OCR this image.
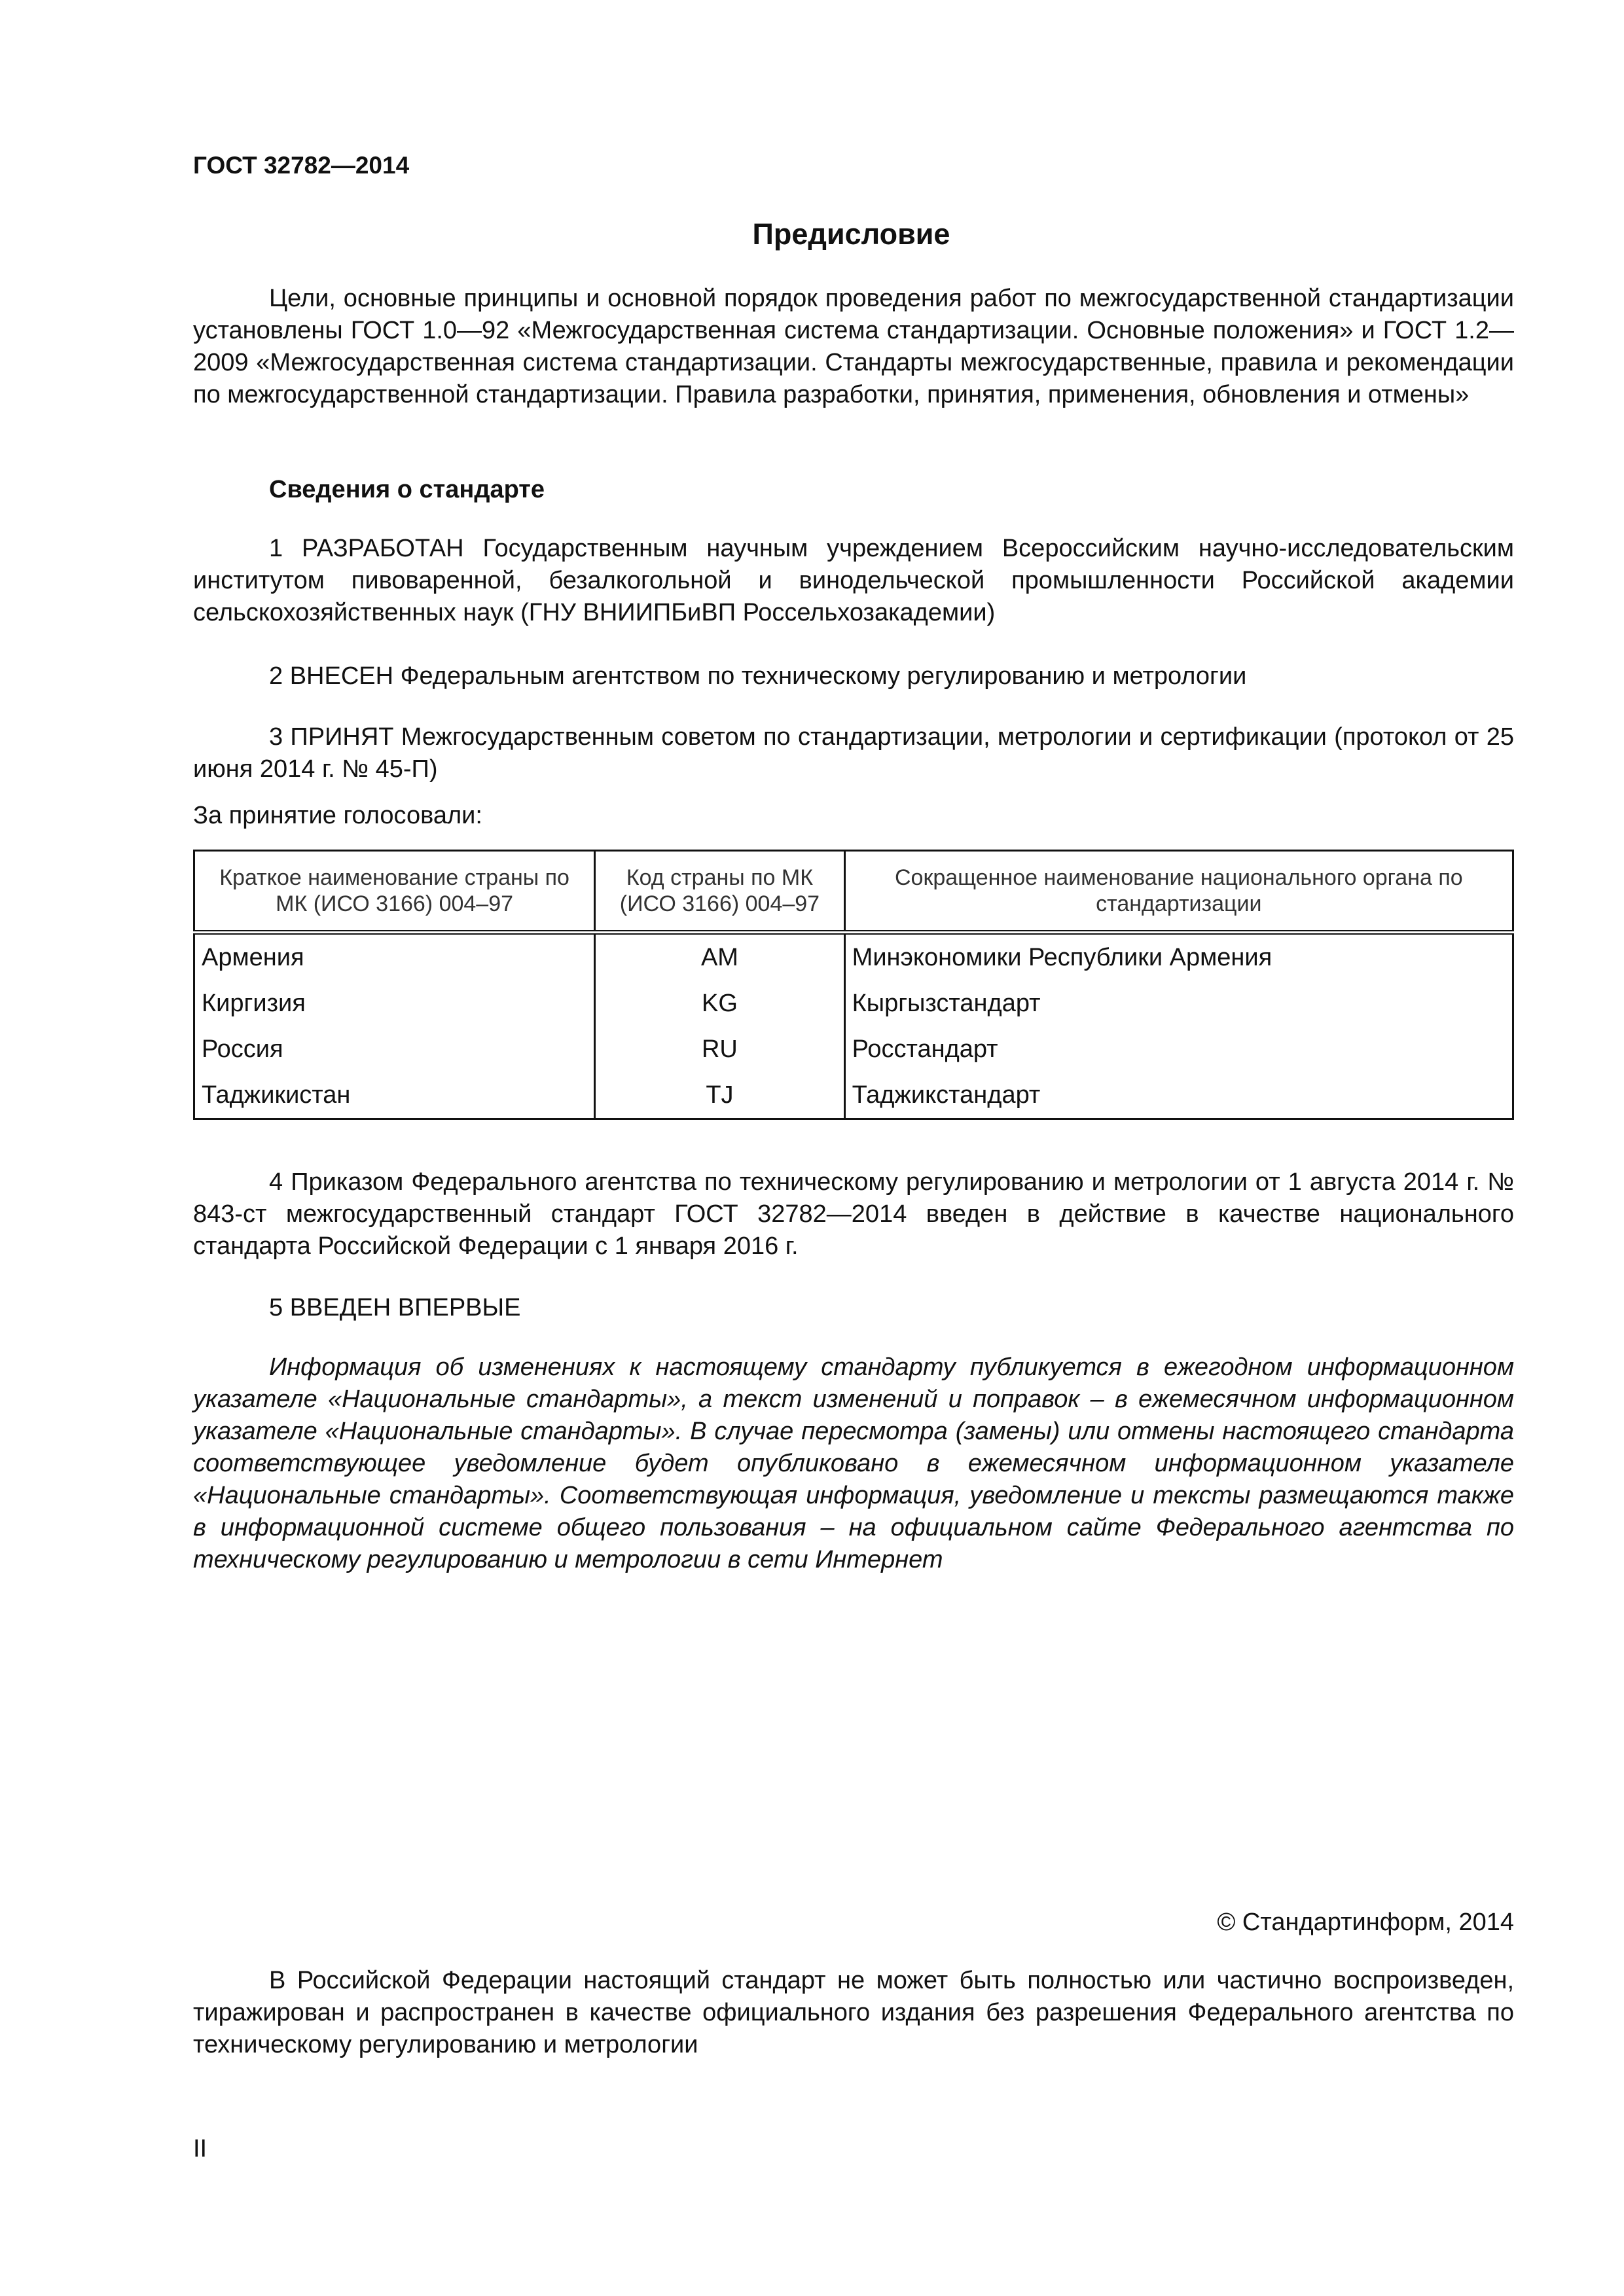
ГОСТ 32782—2014
Предисловие

Цели, основные принципы и основной порядок проведения работ по межгосударственной стандартизации установлены ГОСТ 1.0—92 «Межгосударственная система стандартизации. Основные положения» и ГОСТ 1.2—2009 «Межгосударственная система стандартизации. Стандарты межгосударственные, правила и рекомендации по межгосударственной стандартизации. Правила разработки, принятия, применения, обновления и отмены»

Сведения о стандарте

1 РАЗРАБОТАН Государственным научным учреждением Всероссийским научно-исследовательским институтом пивоваренной, безалкогольной и винодельческой промышленности Российской академии сельскохозяйственных наук (ГНУ ВНИИПБиВП Россельхозакадемии)

2 ВНЕСЕН Федеральным агентством по техническому регулированию и метрологии

3 ПРИНЯТ Межгосударственным советом по стандартизации, метрологии и сертификации (протокол от 25 июня 2014 г. № 45-П)

За принятие голосовали:
Краткое наименование страны по МК (ИСО 3166) 004–97	Код страны по МК (ИСО 3166) 004–97	Сокращенное наименование национального органа по стандартизации
Армения	AM	Минэкономики Республики Армения
Киргизия	KG	Кыргызстандарт
Россия	RU	Росстандарт
Таджикистан	TJ	Таджикстандарт

4 Приказом Федерального агентства по техническому регулированию и метрологии от 1 августа 2014 г. № 843-ст межгосударственный стандарт ГОСТ 32782—2014 введен в действие в качестве национального стандарта Российской Федерации с 1 января 2016 г.

5 ВВЕДЕН ВПЕРВЫЕ

Информация об изменениях к настоящему стандарту публикуется в ежегодном информационном указателе «Национальные стандарты», а текст изменений и поправок – в ежемесячном информационном указателе «Национальные стандарты». В случае пересмотра (замены) или отмены настоящего стандарта соответствующее уведомление будет опубликовано в ежемесячном информационном указателе «Национальные стандарты». Соответствующая информация, уведомление и тексты размещаются также в информационной системе общего пользования – на официальном сайте Федерального агентства по техническому регулированию и метрологии в сети Интернет

© Стандартинформ, 2014

В Российской Федерации настоящий стандарт не может быть полностью или частично воспроизведен, тиражирован и распространен в качестве официального издания без разрешения Федерального агентства по техническому регулированию и метрологии

II
